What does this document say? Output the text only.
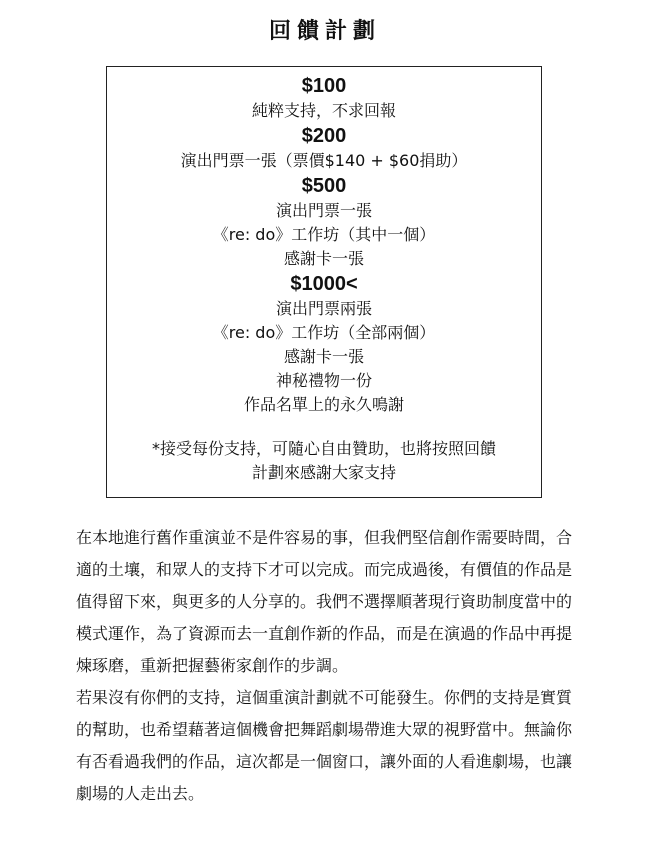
回饋計劃
$100
純粹支持，不求回報
$200
演出門票一張（票價$140 + $60捐助）
$500
演出門票一張
《re: do》工作坊（其中一個）
感謝卡一張
$1000<
演出門票兩張
《re: do》工作坊（全部兩個）
感謝卡一張
神秘禮物一份
作品名單上的永久鳴謝
*接受每份支持，可隨心自由贊助，也將按照回饋
計劃來感謝大家支持

在本地進行舊作重演並不是件容易的事，但我們堅信創作需要時間，合適的土壤，和眾人的支持下才可以完成。而完成過後，有價值的作品是值得留下來，與更多的人分享的。我們不選擇順著現行資助制度當中的模式運作，為了資源而去一直創作新的作品，而是在演過的作品中再提煉琢磨，重新把握藝術家創作的步調。

若果沒有你們的支持，這個重演計劃就不可能發生。你們的支持是實質的幫助，也希望藉著這個機會把舞蹈劇場帶進大眾的視野當中。無論你有否看過我們的作品，這次都是一個窗口，讓外面的人看進劇場，也讓劇場的人走出去。
